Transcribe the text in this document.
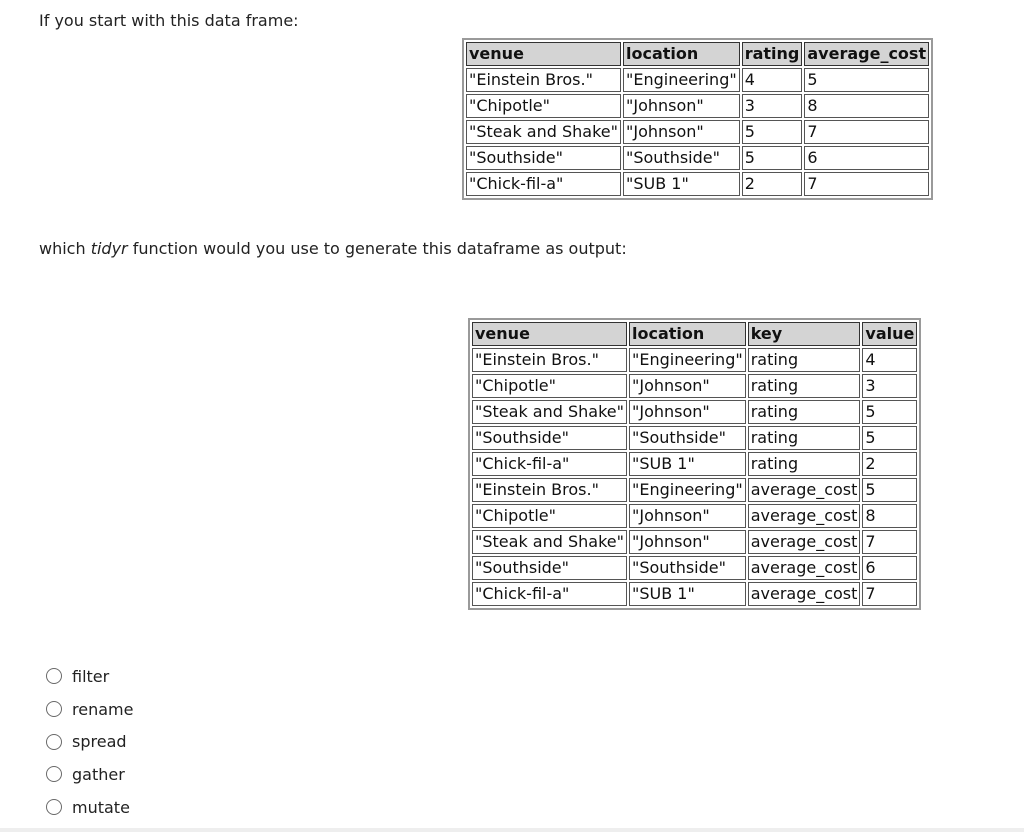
If you start with this data frame:

venue	location	rating	average_cost
"Einstein Bros."	"Engineering"	4	5
"Chipotle"	"Johnson"	3	8
"Steak and Shake"	"Johnson"	5	7
"Southside"	"Southside"	5	6
"Chick-fil-a"	"SUB 1"	2	7

which tidyr function would you use to generate this dataframe as output:

venue	location	key	value
"Einstein Bros."	"Engineering"	rating	4
"Chipotle"	"Johnson"	rating	3
"Steak and Shake"	"Johnson"	rating	5
"Southside"	"Southside"	rating	5
"Chick-fil-a"	"SUB 1"	rating	2
"Einstein Bros."	"Engineering"	average_cost	5
"Chipotle"	"Johnson"	average_cost	8
"Steak and Shake"	"Johnson"	average_cost	7
"Southside"	"Southside"	average_cost	6
"Chick-fil-a"	"SUB 1"	average_cost	7
filter
rename
spread
gather
mutate
